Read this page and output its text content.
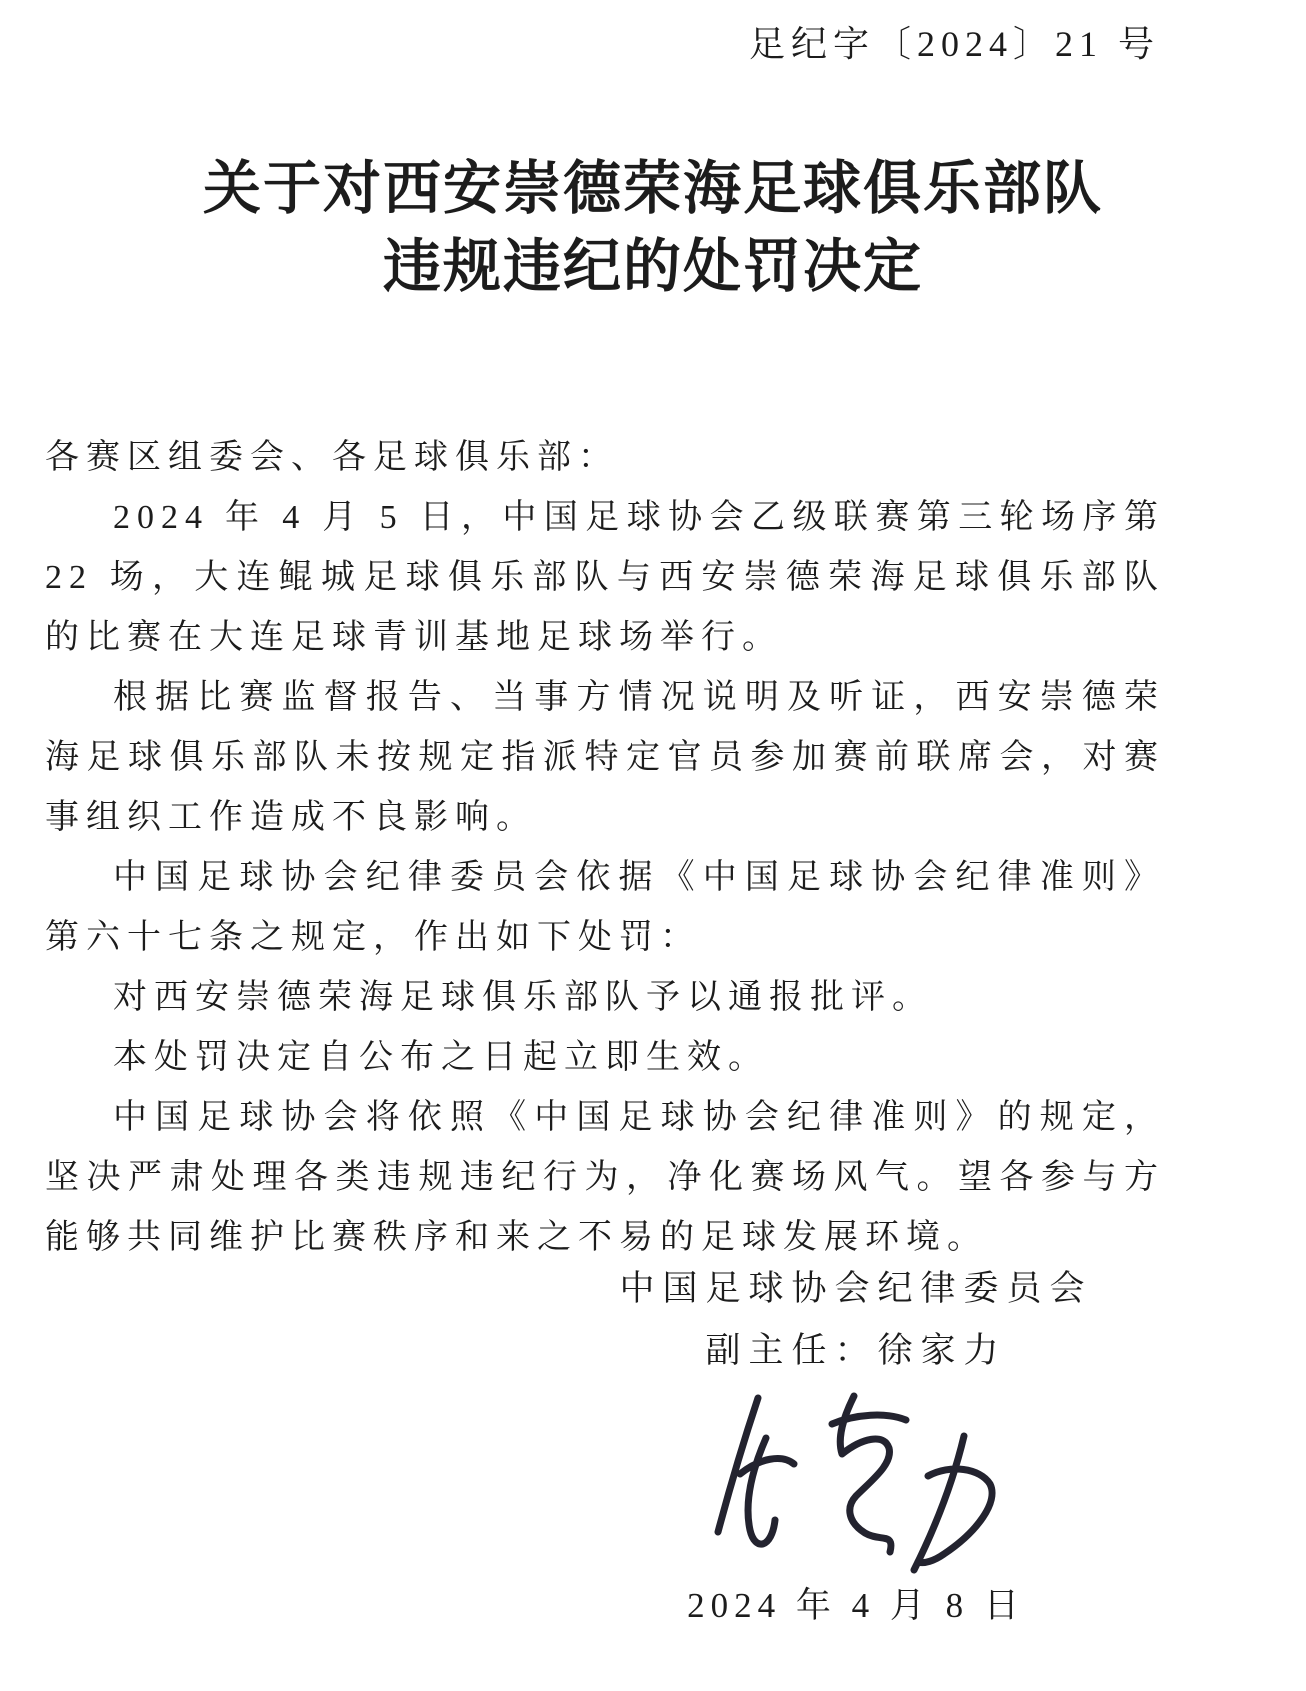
足纪字〔2024〕21 号
关于对西安崇德荣海足球俱乐部队
违规违纪的处罚决定

各赛区组委会、各足球俱乐部：

2024 年 4 月 5 日，中国足球协会乙级联赛第三轮场序第 22 场，大连鲲城足球俱乐部队与西安崇德荣海足球俱乐部队的比赛在大连足球青训基地足球场举行。

根据比赛监督报告、当事方情况说明及听证，西安崇德荣海足球俱乐部队未按规定指派特定官员参加赛前联席会，对赛事组织工作造成不良影响。

中国足球协会纪律委员会依据《中国足球协会纪律准则》第六十七条之规定，作出如下处罚：

对西安崇德荣海足球俱乐部队予以通报批评。

本处罚决定自公布之日起立即生效。

中国足球协会将依照《中国足球协会纪律准则》的规定，坚决严肃处理各类违规违纪行为，净化赛场风气。望各参与方能够共同维护比赛秩序和来之不易的足球发展环境。

中国足球协会纪律委员会
副主任：徐家力
2024 年 4 月 8 日
